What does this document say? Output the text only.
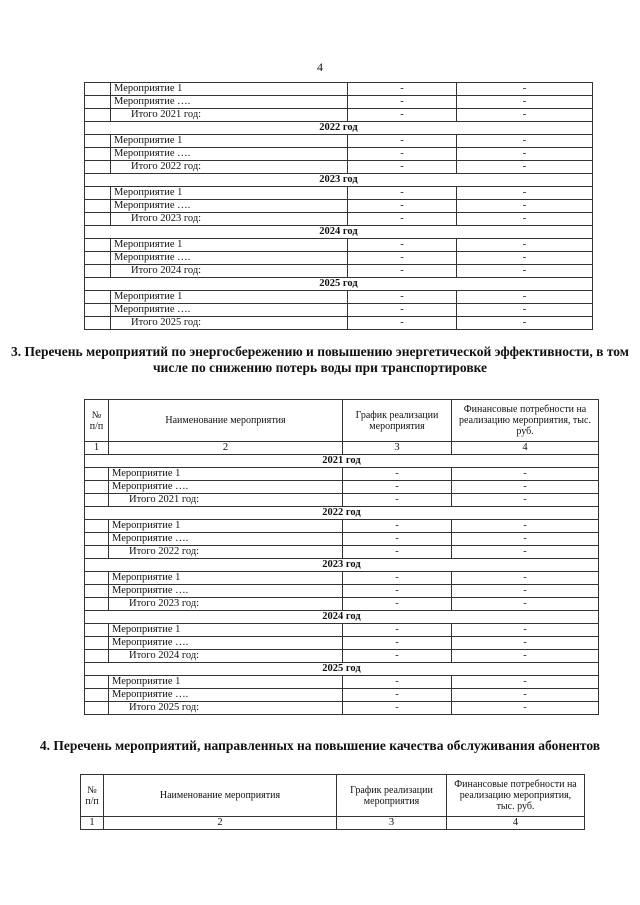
4
	Мероприятие 1	-	-
	Мероприятие ….	-	-
	Итого 2021 год:	-	-
2022 год			
	Мероприятие 1	-	-
	Мероприятие ….	-	-
	Итого 2022 год:	-	-
2023 год			
	Мероприятие 1	-	-
	Мероприятие ….	-	-
	Итого 2023 год:	-	-
2024 год			
	Мероприятие 1	-	-
	Мероприятие ….	-	-
	Итого 2024 год:	-	-
2025 год			
	Мероприятие 1	-	-
	Мероприятие ….	-	-
	Итого 2025 год:	-	-
3. Перечень мероприятий по энергосбережению и повышению энергетической эффективности, в том числе по снижению потерь воды при транспортировке
№ п/п	Наименование мероприятия	График реализации мероприятия	Финансовые потребности на реализацию мероприятия, тыс. руб.
1	2	3	4
2021 год			
	Мероприятие 1	-	-
	Мероприятие ….	-	-
	Итого 2021 год:	-	-
2022 год			
	Мероприятие 1	-	-
	Мероприятие ….	-	-
	Итого 2022 год:	-	-
2023 год			
	Мероприятие 1	-	-
	Мероприятие ….	-	-
	Итого 2023 год:	-	-
2024 год			
	Мероприятие 1	-	-
	Мероприятие ….	-	-
	Итого 2024 год:	-	-
2025 год			
	Мероприятие 1	-	-
	Мероприятие ….	-	-
	Итого 2025 год:	-	-
4. Перечень мероприятий, направленных на повышение качества обслуживания абонентов
№ п/п	Наименование мероприятия	График реализации мероприятия	Финансовые потребности на реализацию мероприятия, тыс. руб.
1	2	3	4
